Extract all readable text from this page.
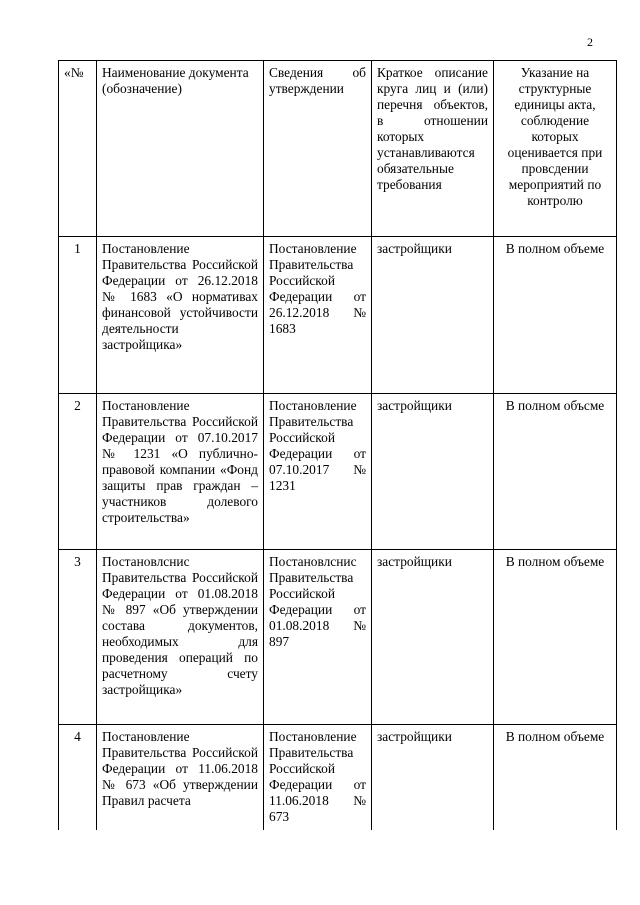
2
«№	Наименование документа (обозначение)	Сведения об утверждении	Краткое описание круга лиц и (или) перечня объектов, в отношении которых устанавливаются обязательные требования	Указание на структурные единицы акта, соблюдение которых оценивается при провсдении мероприятий по контролю
1	Постановление Правительства Российской Федерации от 26.12.2018 № 1683 «О нормативах финансовой устойчивости деятельности застройщика»	Постановление Правительства Российской Федерации от 26.12.2018 № 1683	застройщики	В полном объеме
2	Постановление Правительства Российской Федерации от 07.10.2017 № 1231 «О публично-правовой компании «Фонд защиты прав граждан – участников долевого строительства»	Постановление Правительства Российской Федерации от 07.10.2017 № 1231	застройщики	В полном объсме
3	Постановлснис Правительства Российской Федерации от 01.08.2018 № 897 «Об утверждении состава документов, необходимых для проведения операций по расчетному счету застройщика»	Постановлснис Правительства Российской Федерации от 01.08.2018 № 897	застройщики	В полном объеме
4	Постановление Правительства Российской Федерации от 11.06.2018 № 673 «Об утверждении Правил расчета	Постановление Правительства Российской Федерации от 11.06.2018 № 673	застройщики	В полном объеме
